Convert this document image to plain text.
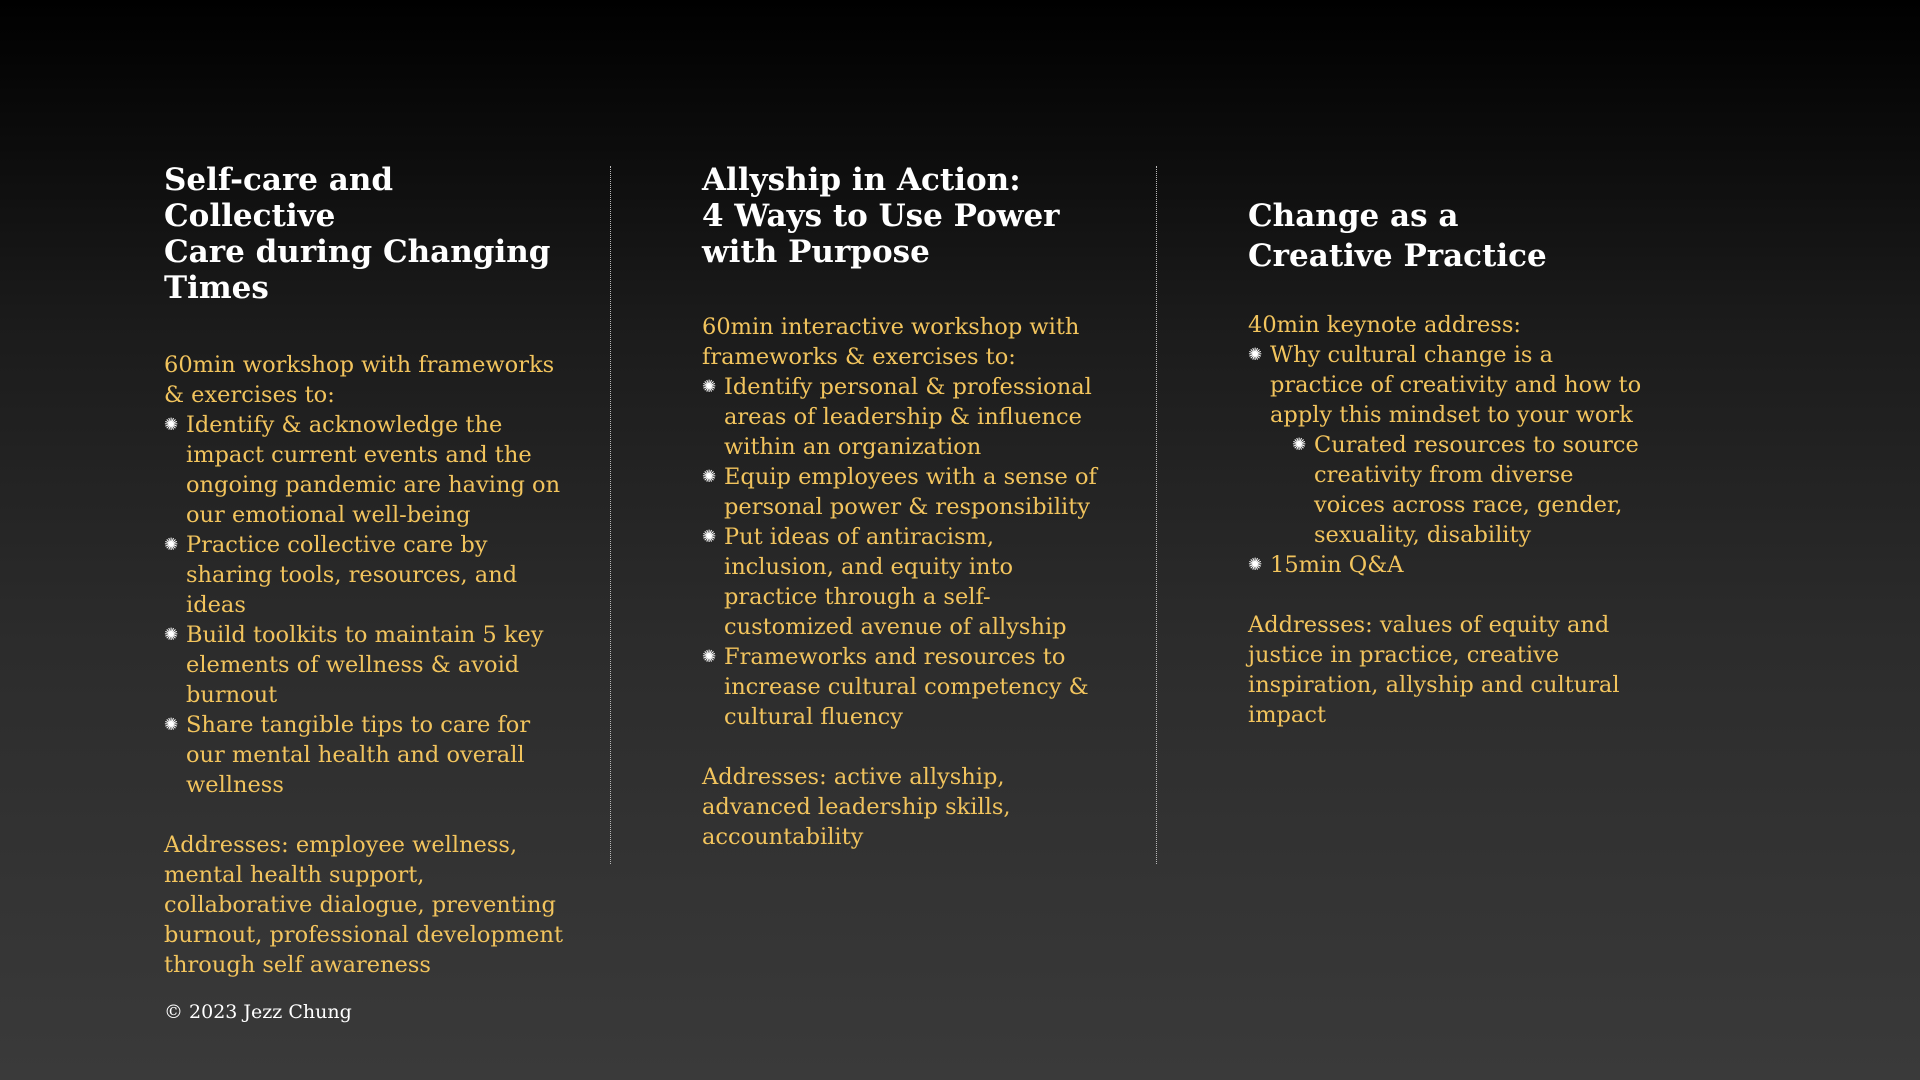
Self-care and Collective
Care during Changing
Times

60min workshop with frameworks & exercises to:

✺ Identify & acknowledge the impact current events and the ongoing pandemic are having on our emotional well-being
✺ Practice collective care by sharing tools, resources, and ideas
✺ Build toolkits to maintain 5 key elements of wellness & avoid burnout
✺ Share tangible tips to care for our mental health and overall wellness

Addresses: employee wellness, mental health support, collaborative dialogue, preventing burnout, professional development through self awareness

Allyship in Action:
4 Ways to Use Power
with Purpose

60min interactive workshop with frameworks & exercises to:

✺ Identify personal & professional areas of leadership & influence within an organization
✺ Equip employees with a sense of personal power & responsibility
✺ Put ideas of antiracism, inclusion, and equity into practice through a self-customized avenue of allyship
✺ Frameworks and resources to increase cultural competency & cultural fluency

Addresses: active allyship, advanced leadership skills, accountability

Change as a
Creative Practice

40min keynote address:

✺ Why cultural change is a practice of creativity and how to apply this mindset to your work
✺ Curated resources to source creativity from diverse voices across race, gender, sexuality, disability
✺ 15min Q&A

Addresses: values of equity and justice in practice, creative inspiration, allyship and cultural impact

© 2023 Jezz Chung
